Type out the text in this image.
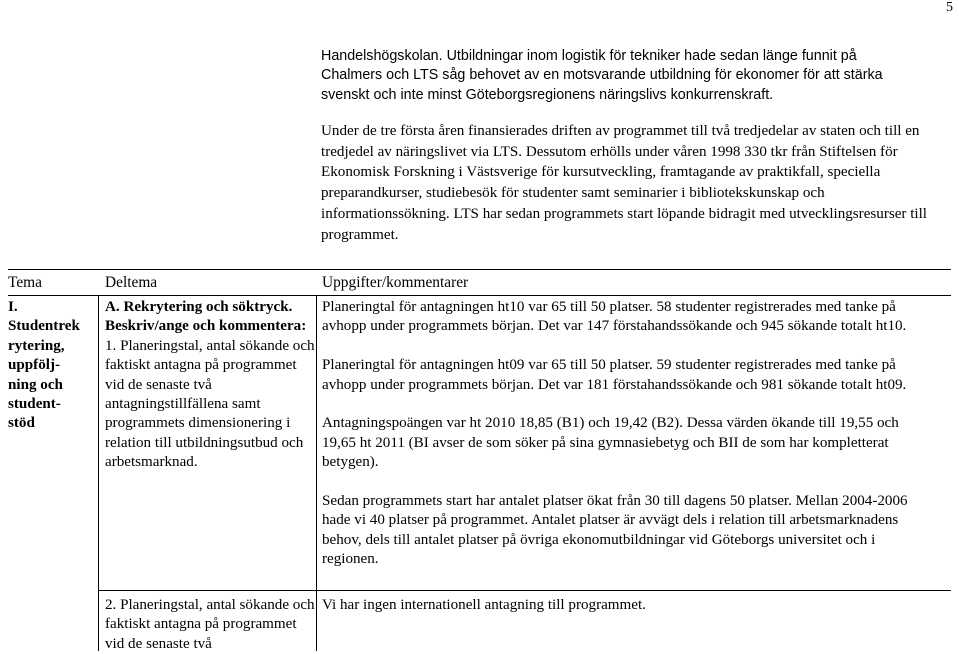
5
Handelshögskolan. Utbildningar inom logistik för tekniker hade sedan länge funnit på Chalmers och LTS såg behovet av en motsvarande utbildning för ekonomer för att stärka svenskt och inte minst Göteborgsregionens näringslivs konkurrenskraft.
Under de tre första åren finansierades driften av programmet till två tredjedelar av staten och till en tredjedel av näringslivet via LTS. Dessutom erhölls under våren 1998 330 tkr från Stiftelsen för Ekonomisk Forskning i Västsverige för kursutveckling, framtagande av praktikfall, speciella preparandkurser, studiebesök för studenter samt seminarier i bibliotekskunskap och informationssökning. LTS har sedan programmets start löpande bidragit med utvecklingsresurser till programmet.
Tema	Deltema	Uppgifter/kommentarer
I.
Studentrek
rytering,
uppfölj-
ning och
student-
stöd
A. Rekrytering och söktryck.
Beskriv/ange och kommentera:
1. Planeringstal, antal sökande och faktiskt antagna på programmet vid de senaste två antagningstillfällena samt programmets dimensionering i relation till utbildningsutbud och arbetsmarknad.
Planeringtal för antagningen ht10 var 65 till 50 platser. 58 studenter registrerades med tanke på avhopp under programmets början. Det var 147 förstahandssökande och 945 sökande totalt ht10.
Planeringtal för antagningen ht09 var 65 till 50 platser. 59 studenter registrerades med tanke på avhopp under programmets början. Det var 181 förstahandssökande och 981 sökande totalt ht09.
Antagningspoängen var ht 2010 18,85 (B1) och 19,42 (B2). Dessa värden ökande till 19,55 och 19,65 ht 2011 (BI avser de som söker på sina gymnasiebetyg och BII de som har kompletterat betygen).
Sedan programmets start har antalet platser ökat från 30 till dagens 50 platser. Mellan 2004-2006 hade vi 40 platser på programmet. Antalet platser är avvägt dels i relation till arbetsmarknadens behov, dels till antalet platser på övriga ekonomutbildningar vid Göteborgs universitet och i regionen.
2. Planeringstal, antal sökande och faktiskt antagna på programmet vid de senaste två
Vi har ingen internationell antagning till programmet.
